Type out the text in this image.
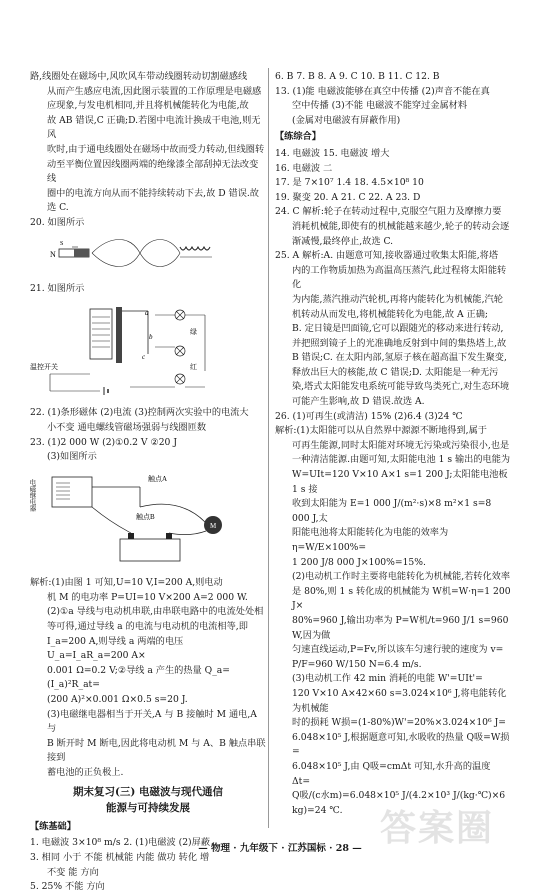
路,线圈处在磁场中,风吹风车带动线圈转动切割磁感线

从而产生感应电流,因此图示装置的工作原理是电磁感

应现象,与发电机相同,并且将机械能转化为电能,故

故 AB 错误,C 正确;D.若图中电流计换成干电池,则无风

吹时,由于通电线圈处在磁场中故而受力转动,但线圈转

动至平衡位置因线圈两端的绝缘漆全部刮掉无法改变线

圈中的电流方向从而不能持续转动下去,故 D 错误.故

选 C.

20. 如图所示

N
S

21. 如图所示

a
b
c
绿
红
温控开关

22. (1)条形磁体 (2)电流 (3)控制两次实验中的电流大

小不变 通电螺线管磁场强弱与线圈匝数

23. (1)2 000 W (2)①0.2 V ②20 J

(3)如图所示

电磁继电器	触点A
触点B
M

解析:(1)由图 1 可知,U=10 V,I=200 A,则电动

机 M 的电功率 P=UI=10 V×200 A=2 000 W.

(2)①a 导线与电动机串联,由串联电路中的电流处处相

等可得,通过导线 a 的电流与电动机的电流相等,即

I_a=200 A,则导线 a 两端的电压 U_a=I_aR_a=200 A×

0.001 Ω=0.2 V;②导线 a 产生的热量 Q_a=(I_a)²R_at=

(200 A)²×0.001 Ω×0.5 s=20 J.

(3)电磁继电器相当于开关,A 与 B 接触时 M 通电,A 与

B 断开时 M 断电,因此将电动机 M 与 A、B 触点串联接到

蓄电池的正负极上.

期末复习(三) 电磁波与现代通信

能源与可持续发展

【练基础】

1. 电磁波 3×10⁸ m/s 2. (1)电磁波 (2)屏蔽

3. 相同 小于 不能 机械能 内能 做功 转化 增

不变 能 方向

5. 25% 不能 方向

6. B 7. B 8. A 9. C 10. B 11. C 12. B

13. (1)能 电磁波能够在真空中传播 (2)声音不能在真

空中传播 (3)不能 电磁波不能穿过金属材料

(金属对电磁波有屏蔽作用)

【练综合】

14. 电磁波 15. 电磁波 增大

16. 电磁波 二

17. 是 7×10⁷ 1.4 18. 4.5×10⁸ 10

19. 聚变 20. A 21. C 22. A 23. D

24. C 解析:轮子在转动过程中,克服空气阻力及摩擦力要

消耗机械能,即使有的机械能越来越少,轮子的转动会逐

渐减慢,最终停止,故选 C.

25. A 解析:A. 由题意可知,接收器通过收集太阳能,将塔

内的工作物质加热为高温高压蒸汽,此过程将太阳能转化

为内能,蒸汽推动汽轮机,再将内能转化为机械能,汽轮

机转动从而发电,将机械能转化为电能,故 A 正确;

B. 定日镜是凹面镜,它可以跟随光的移动来进行转动,

并把照到镜子上的光准确地反射到中间的集热塔上,故

B 错误;C. 在太阳内部,氢原子核在超高温下发生聚变,

释放出巨大的核能,故 C 错误;D. 太阳能是一种无污

染,塔式太阳能发电系统可能导致鸟类死亡,对生态环境

可能产生影响,故 D 错误.故选 A.

26. (1)可再生(或清洁) 15% (2)6.4 (3)24 ℃

解析:(1)太阳能可以从自然界中源源不断地得到,属于

可再生能源,同时太阳能对环境无污染或污染很小,也是

一种清洁能源.由题可知,太阳能电池 1 s 输出的电能为

W=UIt=120 V×10 A×1 s=1 200 J;太阳能电池板 1 s 接

收到太阳能为 E=1 000 J/(m²·s)×8 m²×1 s=8 000 J,太

阳能电池将太阳能转化为电能的效率为 η=W/E×100%=

1 200 J/8 000 J×100%=15%.

(2)电动机工作时主要将电能转化为机械能,若转化效率

是 80%,则 1 s 转化成的机械能为 W机=W·η=1 200 J×

80%=960 J,输出功率为 P=W机/t=960 J/1 s=960 W,因为做

匀速直线运动,P=Fv,所以该车匀速行驶的速度为 v=

P/F=960 W/150 N=6.4 m/s.

(3)电动机工作 42 min 消耗的电能 W'=UIt'=

120 V×10 A×42×60 s=3.024×10⁶ J,将电能转化为机械能

时的损耗 W损=(1-80%)W'=20%×3.024×10⁶ J=

6.048×10⁵ J,根据题意可知,水吸收的热量 Q吸=W损=

6.048×10⁵ J,由 Q吸=cmΔt 可知,水升高的温度 Δt=

Q吸/(c水m)=6.048×10⁵ J/(4.2×10³ J/(kg·℃)×6 kg)=24 ℃.

— 物理 · 九年级下 · 江苏国标 · 28 — 答案圈
